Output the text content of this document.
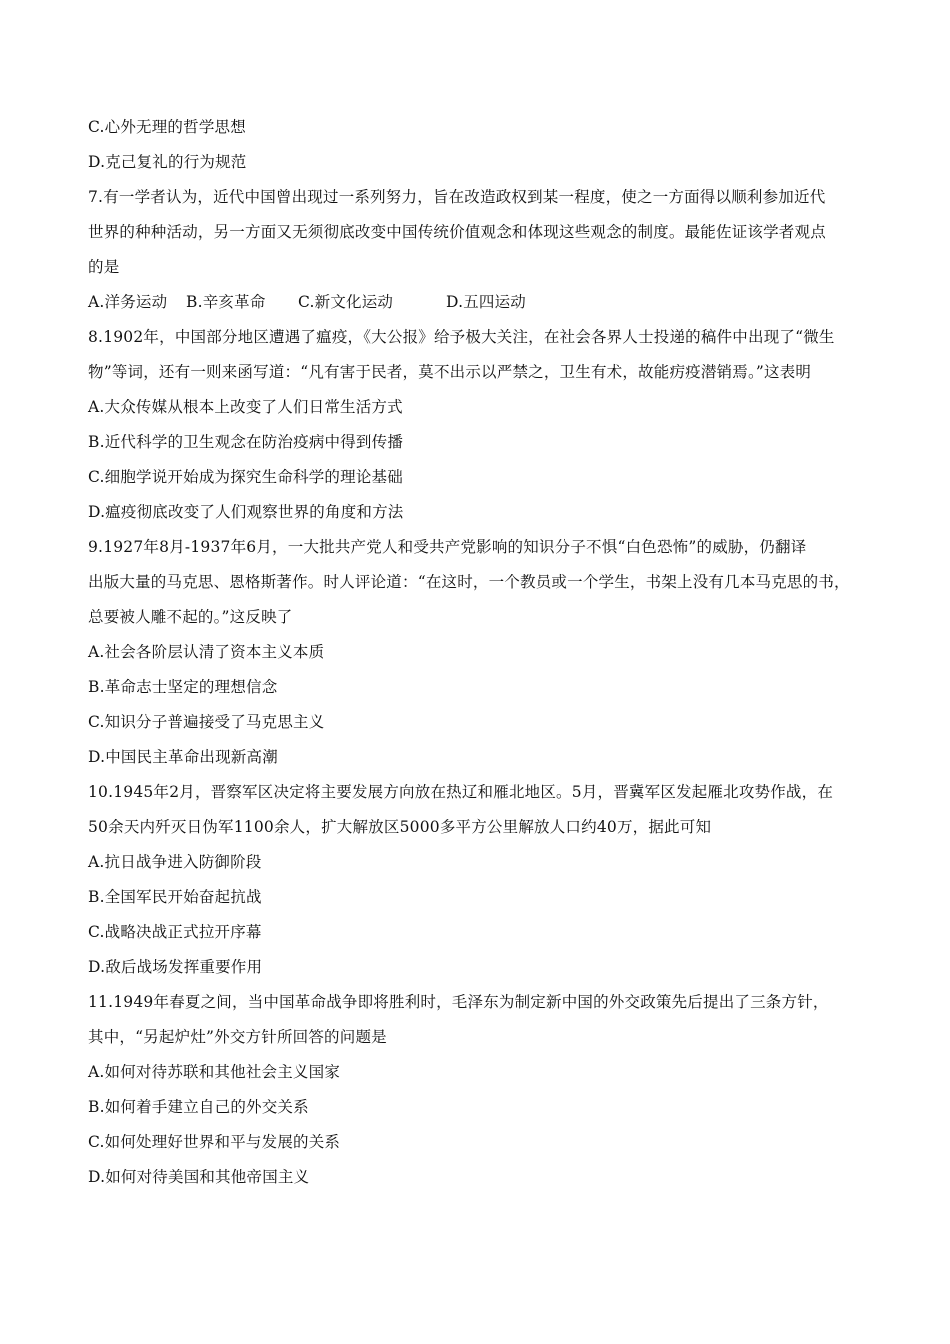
C.心外无理的哲学思想
D.克己复礼的行为规范
7.有一学者认为，近代中国曾出现过一系列努力，旨在改造政权到某一程度，使之一方面得以顺利参加近代
世界的种种活动，另一方面又无须彻底改变中国传统价值观念和体现这些观念的制度。最能佐证该学者观点
的是
A.洋务运动 B.辛亥革命 C.新文化运动	D.五四运动
8.1902年，中国部分地区遭遇了瘟疫，《大公报》给予极大关注，在社会各界人士投递的稿件中出现了“微生
物”等词，还有一则来函写道：“凡有害于民者，莫不出示以严禁之，卫生有术，故能疠疫潜销焉。”这表明
A.大众传媒从根本上改变了人们日常生活方式
B.近代科学的卫生观念在防治疫病中得到传播
C.细胞学说开始成为探究生命科学的理论基础
D.瘟疫彻底改变了人们观察世界的角度和方法
9.1927年8月-1937年6月，一大批共产党人和受共产党影响的知识分子不惧“白色恐怖”的威胁，仍翻译
出版大量的马克思、恩格斯著作。时人评论道：“在这时，一个教员或一个学生，书架上没有几本马克思的书，
总要被人雕不起的。”这反映了
A.社会各阶层认清了资本主义本质
B.革命志士坚定的理想信念
C.知识分子普遍接受了马克思主义
D.中国民主革命出现新高潮
10.1945年2月，晋察军区决定将主要发展方向放在热辽和雁北地区。5月，晋冀军区发起雁北攻势作战，在
50余天内歼灭日伪军1100余人，扩大解放区5000多平方公里解放人口约40万，据此可知
A.抗日战争进入防御阶段
B.全国军民开始奋起抗战
C.战略决战正式拉开序幕
D.敌后战场发挥重要作用
11.1949年春夏之间，当中国革命战争即将胜利时，毛泽东为制定新中国的外交政策先后提出了三条方针，
其中，“另起炉灶”外交方针所回答的问题是
A.如何对待苏联和其他社会主义国家
B.如何着手建立自己的外交关系
C.如何处理好世界和平与发展的关系
D.如何对待美国和其他帝国主义
